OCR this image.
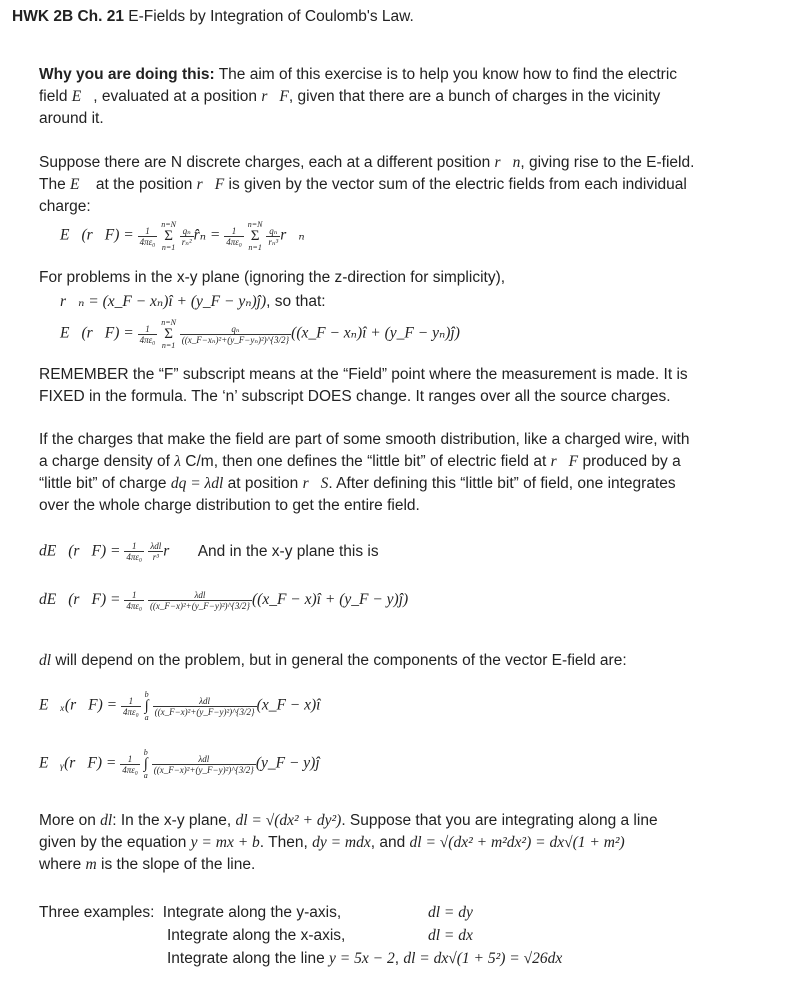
HWK 2B Ch. 21 E-Fields by Integration of Coulomb's Law.
Why you are doing this: The aim of this exercise is to help you know how to find the electric
field E⃗, evaluated at a position r⃗F, given that there are a bunch of charges in the vicinity
around it.
Suppose there are N discrete charges, each at a different position r⃗n, giving rise to the E-field.
The E⃗ at the position r⃗F is given by the vector sum of the electric fields from each individual
charge:
E⃗(r⃗F) = $\frac{1}{\text{4πε₀}}$
n=N
Σ
n=1
$\frac{\text{qₙ}}{\text{rₙ²}}$ r̂ₙ = $\frac{1}{\text{4πε₀}}$
n=N
Σ
n=1
$\frac{\text{qₙ}}{\text{rₙ³}}$ r⃗ₙ
For problems in the x-y plane (ignoring the z-direction for simplicity),
r⃗ₙ = (x_F − xₙ)î + (y_F − yₙ)ĵ), so that:
E⃗(r⃗F) = $\frac{1}{\text{4πε₀}}$
n=N
Σ
n=1
$\frac{\text{qₙ}}{\text{((x\_F−xₙ)²+(y\_F−yₙ)²)\textasciicircum{}\{3/2\}}}$ ((x_F − xₙ)î + (y_F − yₙ)ĵ)
REMEMBER the “F” subscript means at the “Field” point where the measurement is made. It is
FIXED in the formula. The ‘n’ subscript DOES change. It ranges over all the source charges.
If the charges that make the field are part of some smooth distribution, like a charged wire, with
a charge density of λ C/m, then one defines the “little bit” of electric field at r⃗F produced by a
“little bit” of charge dq = λdl at position r⃗S. After defining this “little bit” of field, one integrates
over the whole charge distribution to get the entire field.
dE⃗(r⃗F) = $\frac{1}{\text{4πε₀}}$
$\frac{\text{λdl}}{\text{r³}}$ r⃗ And in the x-y plane this is
dE⃗(r⃗F) = $\frac{1}{\text{4πε₀}}$
$\frac{\text{λdl}}{\text{((x\_F−x)²+(y\_F−y)²)\textasciicircum{}\{3/2\}}}$ ((x_F − x)î + (y_F − y)ĵ)
dl will depend on the problem, but in general the components of the vector E-field are:
E⃗ₓ(r⃗F) = $\frac{1}{\text{4πε₀}}$
b
∫
a
$\frac{\text{λdl}}{\text{((x\_F−x)²+(y\_F−y)²)\textasciicircum{}\{3/2\}}}$ (x_F − x)î
E⃗ᵧ(r⃗F) = $\frac{1}{\text{4πε₀}}$
b
∫
a
$\frac{\text{λdl}}{\text{((x\_F−x)²+(y\_F−y)²)\textasciicircum{}\{3/2\}}}$ (y_F − y)ĵ
More on dl: In the x-y plane, dl = √(dx² + dy²). Suppose that you are integrating along a line
given by the equation y = mx + b. Then, dy = mdx, and dl = √(dx² + m²dx²) = dx√(1 + m²)
where m is the slope of the line.
Three examples: Integrate along the y-axis,	dl = dy
Integrate along the x-axis,	dl = dx
Integrate along the line y = 5x − 2, dl = dx√(1 + 5²) = √26dx
